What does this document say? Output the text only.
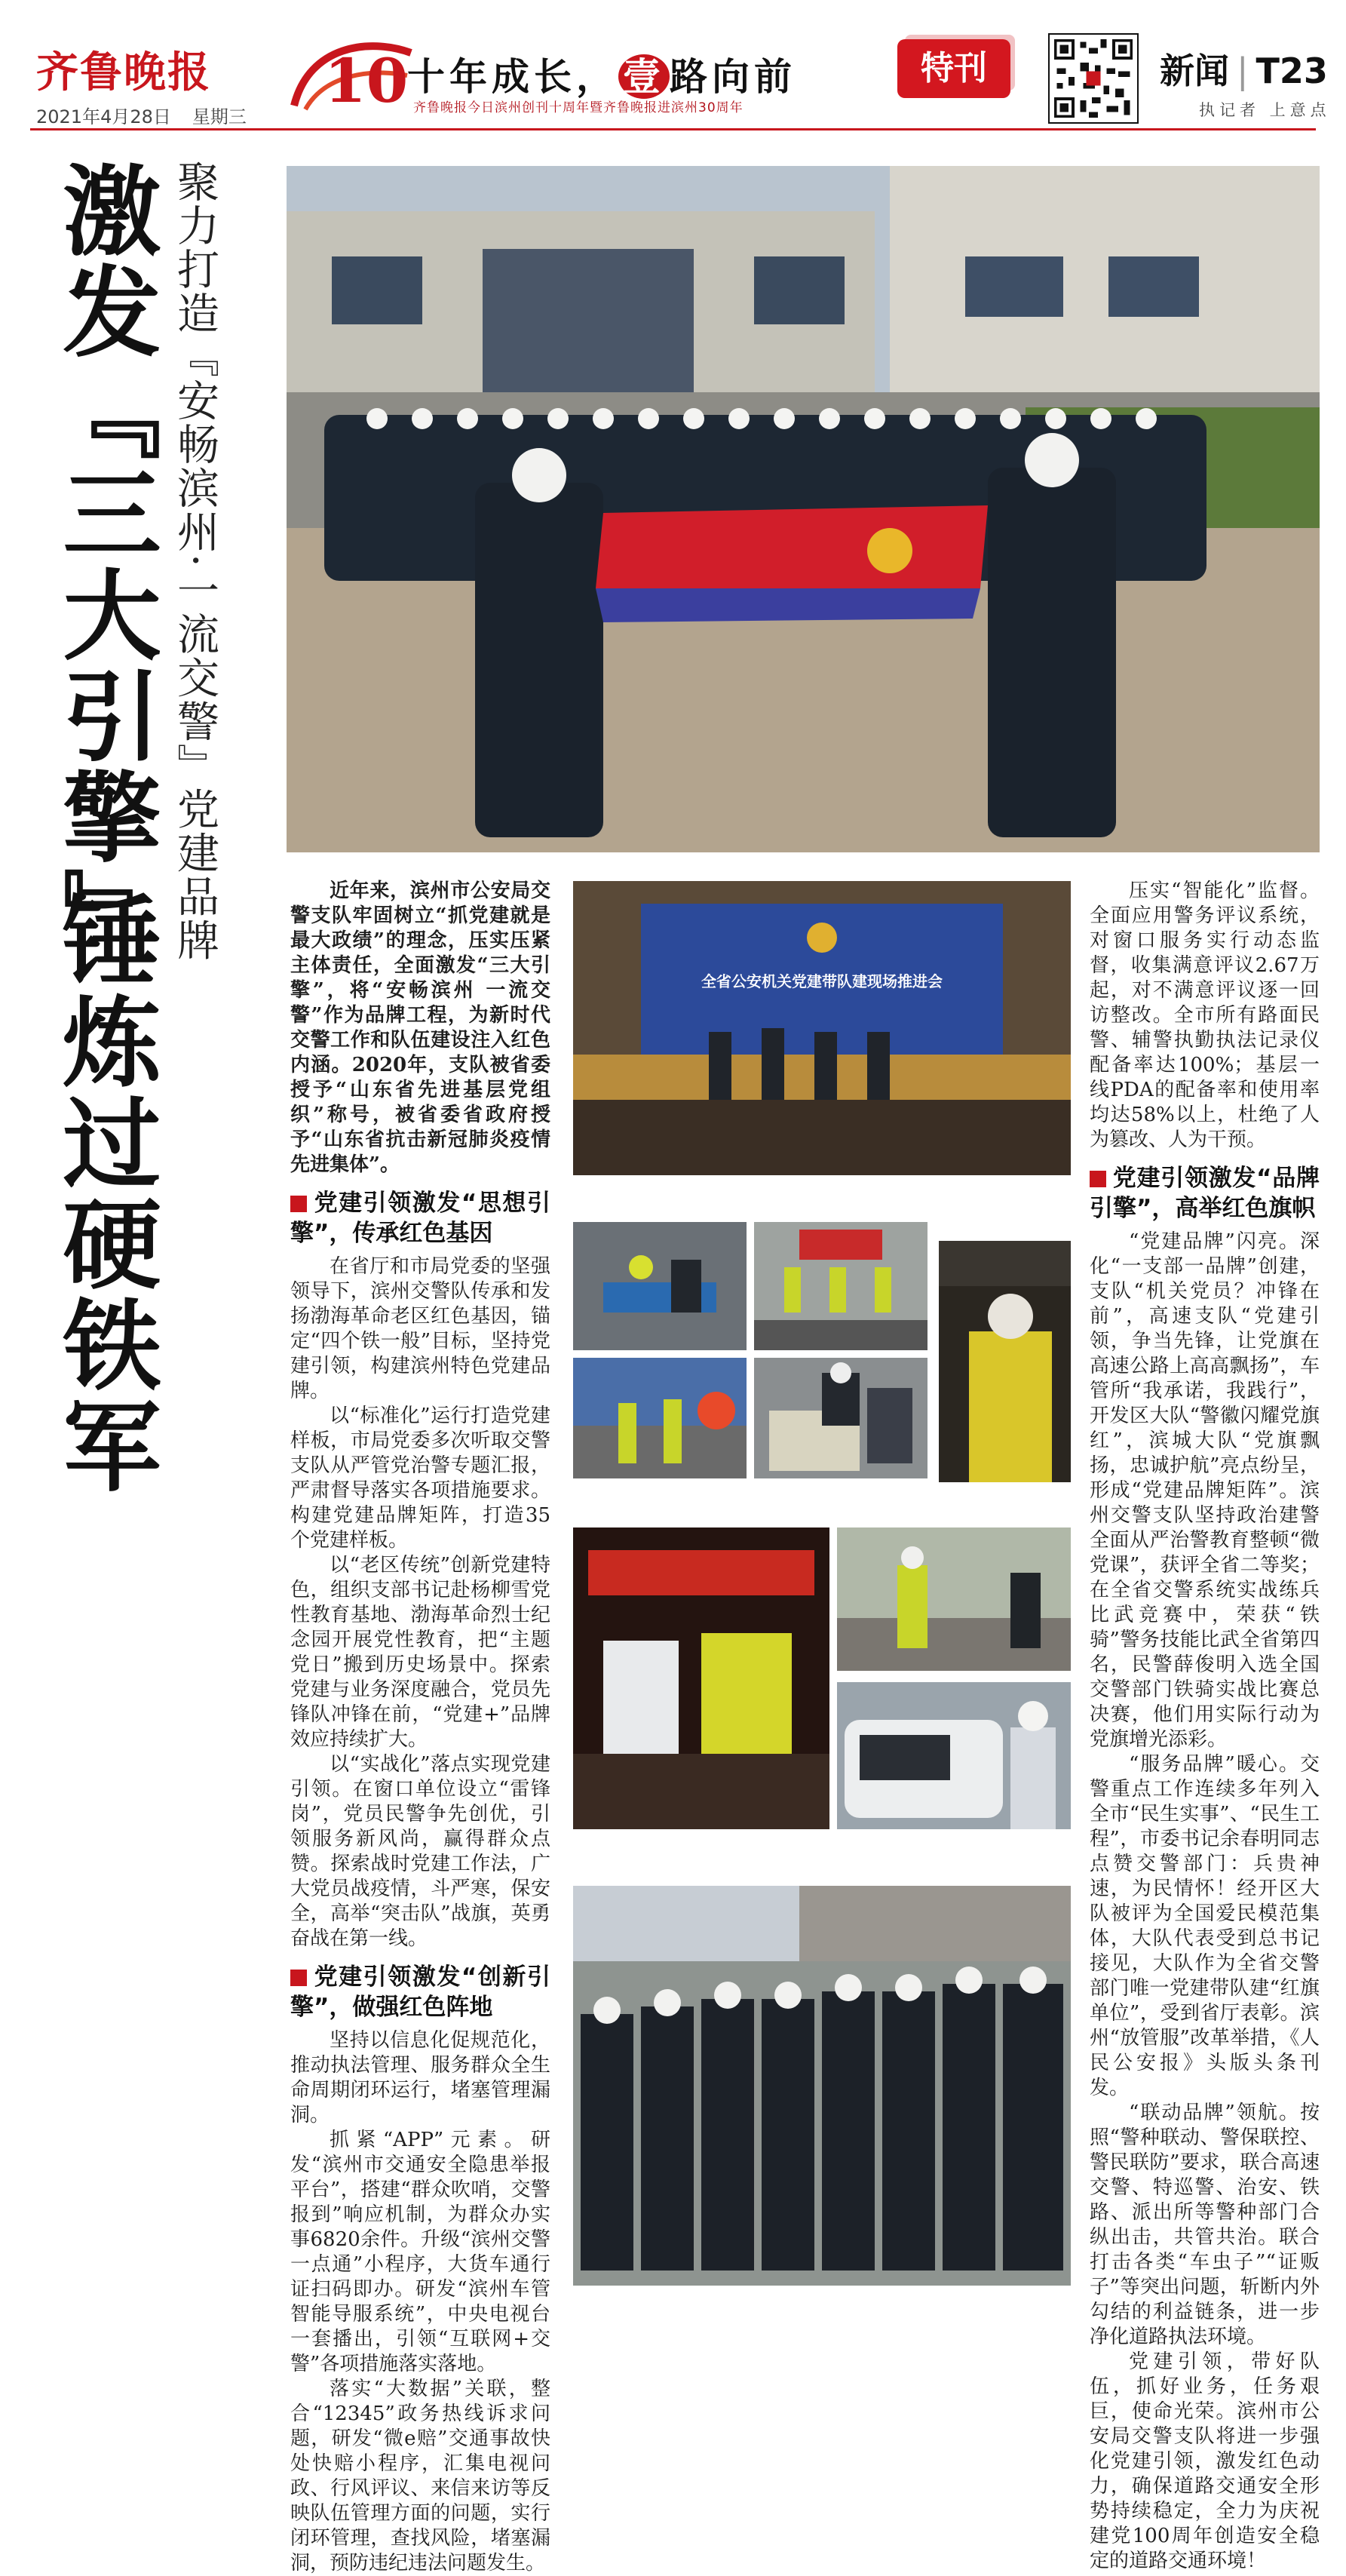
齐鲁晚报
2021年4月28日 星期三
10
十年成长， 壹 路向前
齐鲁晚报今日滨州创刊十周年暨齐鲁晚报进滨州30周年
特刊	新闻 | T23
执记者 上意点
激发『三大引擎』
锤炼过硬铁军
聚力打造『安畅滨州·一流交警』党建品牌
全省公安机关党建带队建现场推进会

近年来，滨州市公安局交警支队牢固树立“抓党建就是最大政绩”的理念，压实压紧主体责任，全面激发“三大引擎”，将“安畅滨州 一流交警”作为品牌工程，为新时代交警工作和队伍建设注入红色内涵。2020年，支队被省委授予“山东省先进基层党组织”称号，被省委省政府授予“山东省抗击新冠肺炎疫情先进集体”。

党建引领激发“思想引擎”，传承红色基因

在省厅和市局党委的坚强领导下，滨州交警队传承和发扬渤海革命老区红色基因，锚定“四个铁一般”目标，坚持党建引领，构建滨州特色党建品牌。

以“标准化”运行打造党建样板，市局党委多次听取交警支队从严管党治警专题汇报，严肃督导落实各项措施要求。构建党建品牌矩阵，打造35个党建样板。

以“老区传统”创新党建特色，组织支部书记赴杨柳雪党性教育基地、渤海革命烈士纪念园开展党性教育，把“主题党日”搬到历史场景中。探索党建与业务深度融合，党员先锋队冲锋在前，“党建+”品牌效应持续扩大。

以“实战化”落点实现党建引领。在窗口单位设立“雷锋岗”，党员民警争先创优，引领服务新风尚，赢得群众点赞。探索战时党建工作法，广大党员战疫情，斗严寒，保安全，高举“突击队”战旗，英勇奋战在第一线。

党建引领激发“创新引擎”，做强红色阵地

坚持以信息化促规范化，推动执法管理、服务群众全生命周期闭环运行，堵塞管理漏洞。

抓紧“APP”元素。研发“滨州市交通安全隐患举报平台”，搭建“群众吹哨，交警报到”响应机制，为群众办实事6820余件。升级“滨州交警一点通”小程序，大货车通行证扫码即办。研发“滨州车管智能导服系统”，中央电视台一套播出，引领“互联网+交警”各项措施落实落地。

落实“大数据”关联，整合“12345”政务热线诉求问题，研发“微e赔”交通事故快处快赔小程序，汇集电视问政、行风评议、来信来访等反映队伍管理方面的问题，实行闭环管理，查找风险，堵塞漏洞，预防违纪违法问题发生。

压实“智能化”监督。全面应用警务评议系统，对窗口服务实行动态监督，收集满意评议2.67万起，对不满意评议逐一回访整改。全市所有路面民警、辅警执勤执法记录仪配备率达100%；基层一线PDA的配备率和使用率均达58%以上，杜绝了人为篡改、人为干预。

党建引领激发“品牌引擎”，高举红色旗帜

“党建品牌”闪亮。深化“一支部一品牌”创建，支队“机关党员？冲锋在前”，高速支队“党建引领，争当先锋，让党旗在高速公路上高高飘扬”，车管所“我承诺，我践行”，开发区大队“警徽闪耀党旗红”，滨城大队“党旗飘扬，忠诚护航”亮点纷呈，形成“党建品牌矩阵”。滨州交警支队坚持政治建警全面从严治警教育整顿“微党课”，获评全省二等奖；在全省交警系统实战练兵比武竞赛中，荣获“铁骑”警务技能比武全省第四名，民警薛俊明入选全国交警部门铁骑实战比赛总决赛，他们用实际行动为党旗增光添彩。

“服务品牌”暖心。交警重点工作连续多年列入全市“民生实事”、“民生工程”，市委书记余春明同志点赞交警部门：兵贵神速，为民情怀！经开区大队被评为全国爱民模范集体，大队代表受到总书记接见，大队作为全省交警部门唯一党建带队建“红旗单位”，受到省厅表彰。滨州“放管服”改革举措，《人民公安报》头版头条刊发。

“联动品牌”领航。按照“警种联动、警保联控、警民联防”要求，联合高速交警、特巡警、治安、铁路、派出所等警种部门合纵出击，共管共治。联合打击各类“车虫子”“证贩子”等突出问题，斩断内外勾结的利益链条，进一步净化道路执法环境。

党建引领，带好队伍，抓好业务，任务艰巨，使命光荣。滨州市公安局交警支队将进一步强化党建引领，激发红色动力，确保道路交通安全形势持续稳定，全力为庆祝建党100周年创造安全稳定的道路交通环境！
